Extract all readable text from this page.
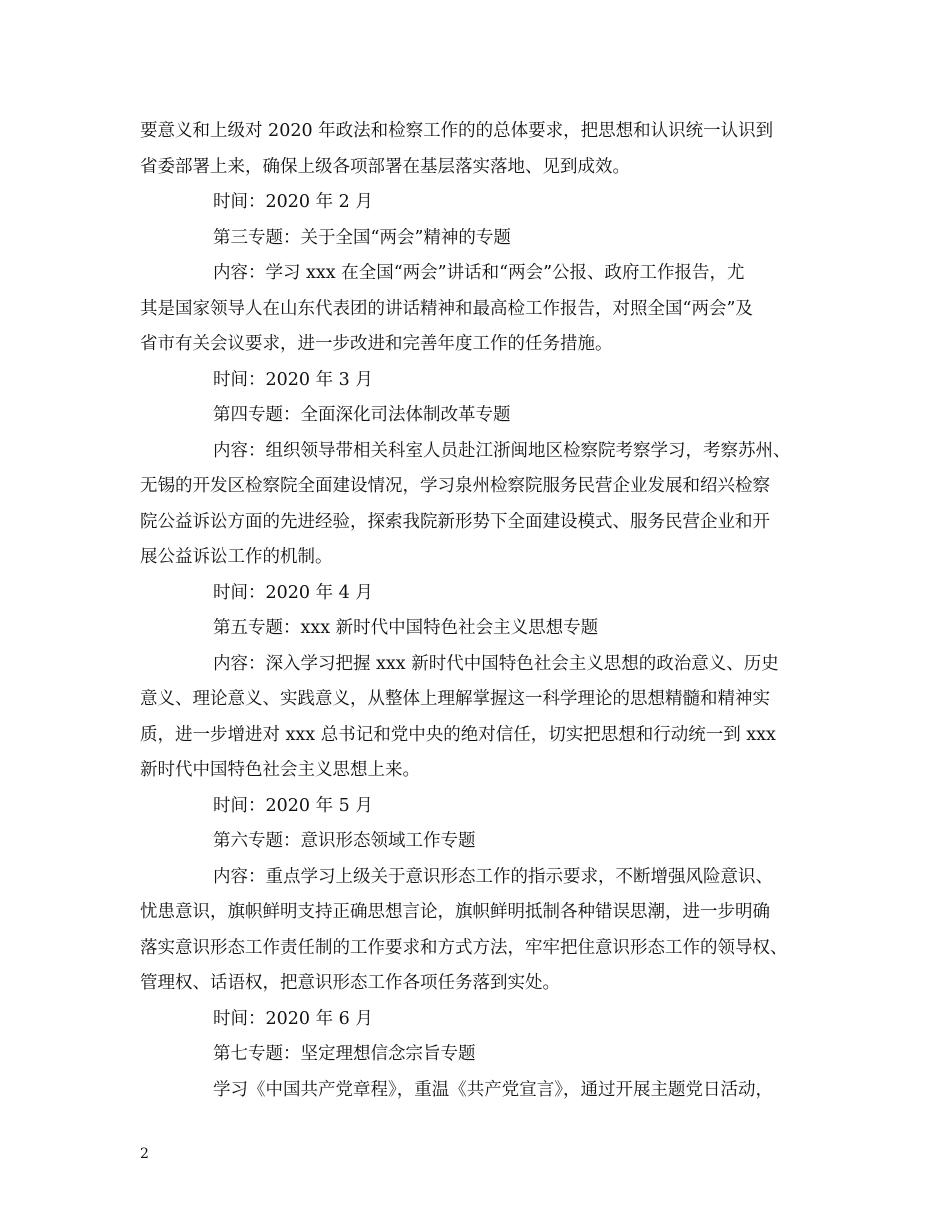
要意义和上级对 2020 年政法和检察工作的的总体要求，把思想和认识统一认识到
省委部署上来，确保上级各项部署在基层落实落地、见到成效。
时间：2020 年 2 月
第三专题：关于全国“两会”精神的专题
内容：学习 xxx 在全国“两会”讲话和“两会”公报、政府工作报告，尤
其是国家领导人在山东代表团的讲话精神和最高检工作报告，对照全国“两会”及
省市有关会议要求，进一步改进和完善年度工作的任务措施。
时间：2020 年 3 月
第四专题：全面深化司法体制改革专题
内容：组织领导带相关科室人员赴江浙闽地区检察院考察学习，考察苏州、
无锡的开发区检察院全面建设情况，学习泉州检察院服务民营企业发展和绍兴检察
院公益诉讼方面的先进经验，探索我院新形势下全面建设模式、服务民营企业和开
展公益诉讼工作的机制。
时间：2020 年 4 月
第五专题：xxx 新时代中国特色社会主义思想专题
内容：深入学习把握 xxx 新时代中国特色社会主义思想的政治意义、历史
意义、理论意义、实践意义，从整体上理解掌握这一科学理论的思想精髓和精神实
质，进一步增进对 xxx 总书记和党中央的绝对信任，切实把思想和行动统一到 xxx
新时代中国特色社会主义思想上来。
时间：2020 年 5 月
第六专题：意识形态领域工作专题
内容：重点学习上级关于意识形态工作的指示要求，不断增强风险意识、
忧患意识，旗帜鲜明支持正确思想言论，旗帜鲜明抵制各种错误思潮，进一步明确
落实意识形态工作责任制的工作要求和方式方法，牢牢把住意识形态工作的领导权、
管理权、话语权，把意识形态工作各项任务落到实处。
时间：2020 年 6 月
第七专题：坚定理想信念宗旨专题
学习《中国共产党章程》，重温《共产党宣言》，通过开展主题党日活动，
2
